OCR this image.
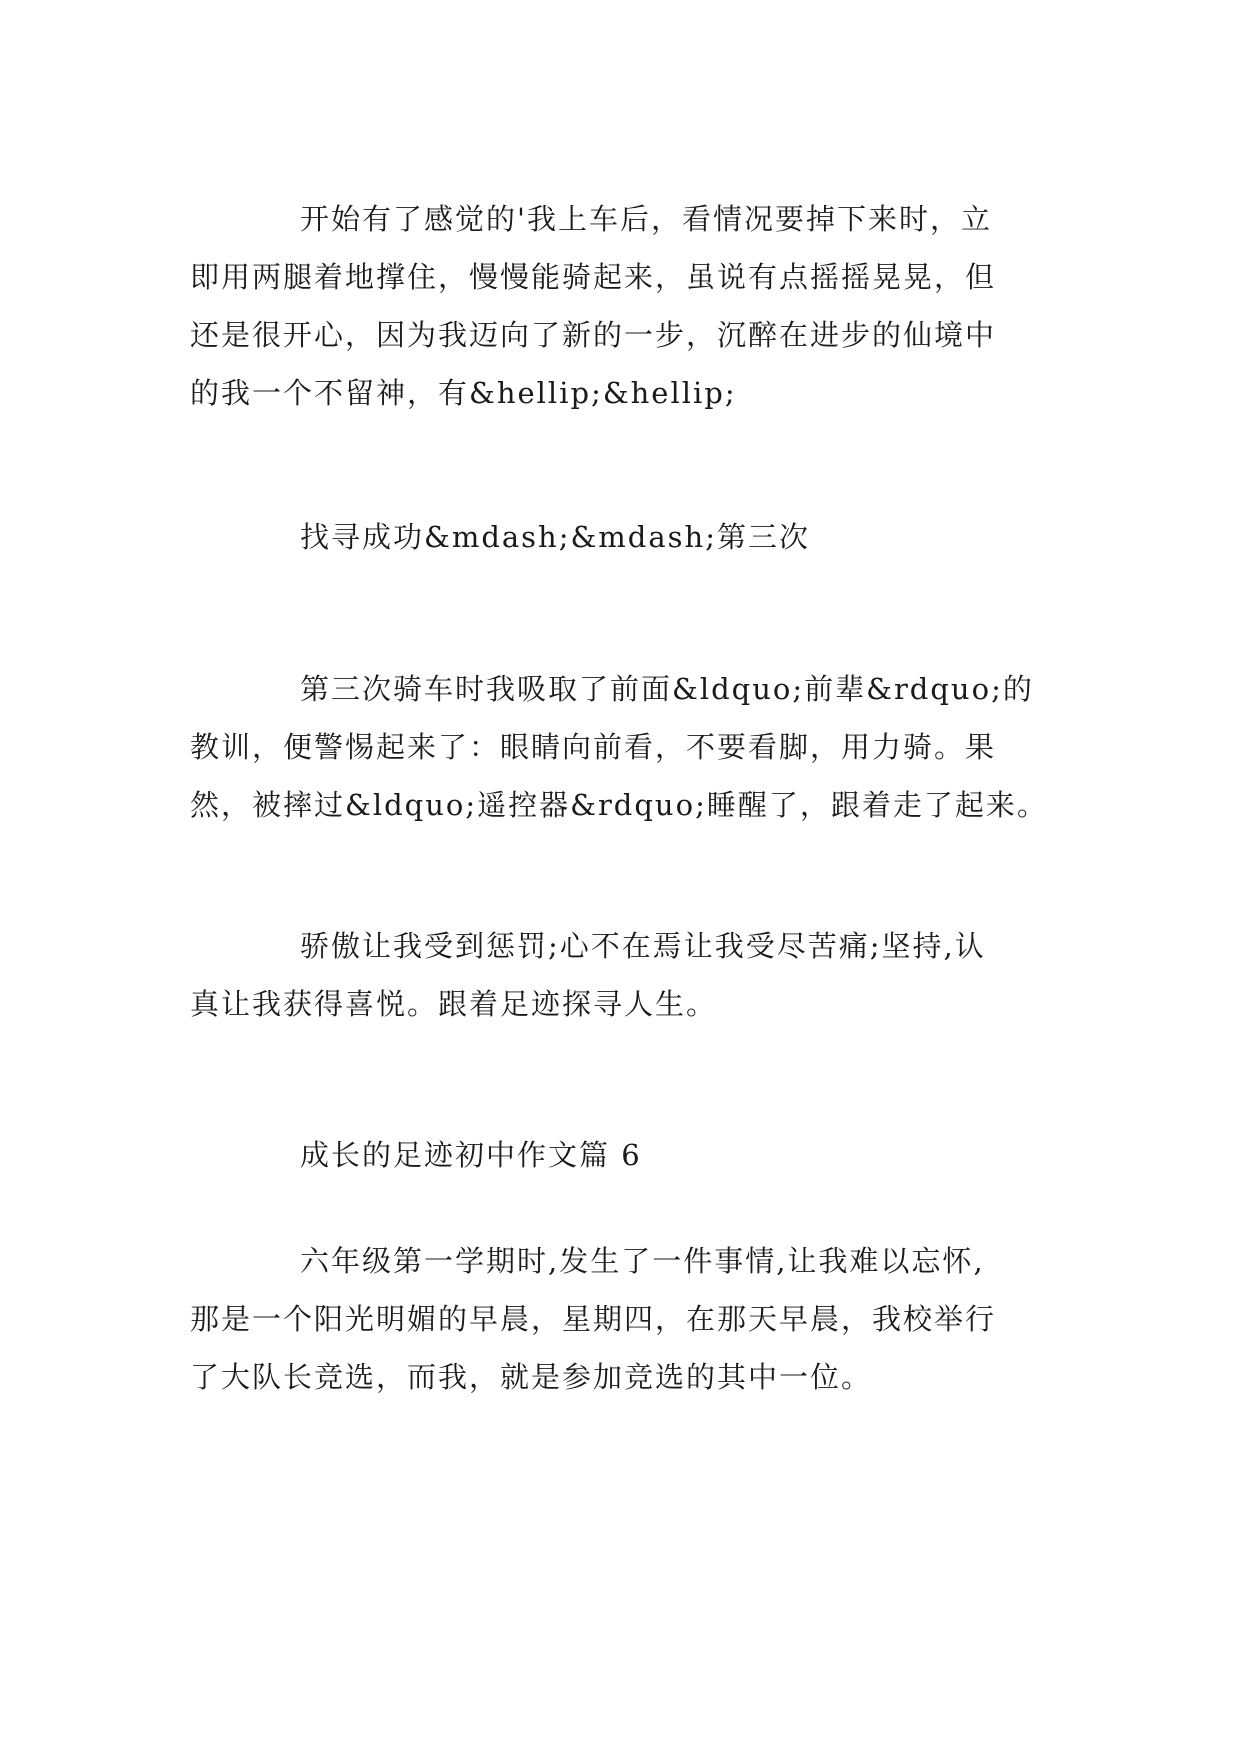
开始有了感觉的'我上车后，看情况要掉下来时，立
即用两腿着地撑住，慢慢能骑起来，虽说有点摇摇晃晃，但
还是很开心，因为我迈向了新的一步，沉醉在进步的仙境中
的我一个不留神，有&hellip;&hellip;

找寻成功&mdash;&mdash;第三次

第三次骑车时我吸取了前面&ldquo;前辈&rdquo;的
教训，便警惕起来了：眼睛向前看，不要看脚，用力骑。果
然，被摔过&ldquo;遥控器&rdquo;睡醒了，跟着走了起来。

骄傲让我受到惩罚;心不在焉让我受尽苦痛;坚持,认
真让我获得喜悦。跟着足迹探寻人生。

成长的足迹初中作文篇 6

六年级第一学期时,发生了一件事情,让我难以忘怀,
那是一个阳光明媚的早晨，星期四，在那天早晨，我校举行
了大队长竞选，而我，就是参加竞选的其中一位。
